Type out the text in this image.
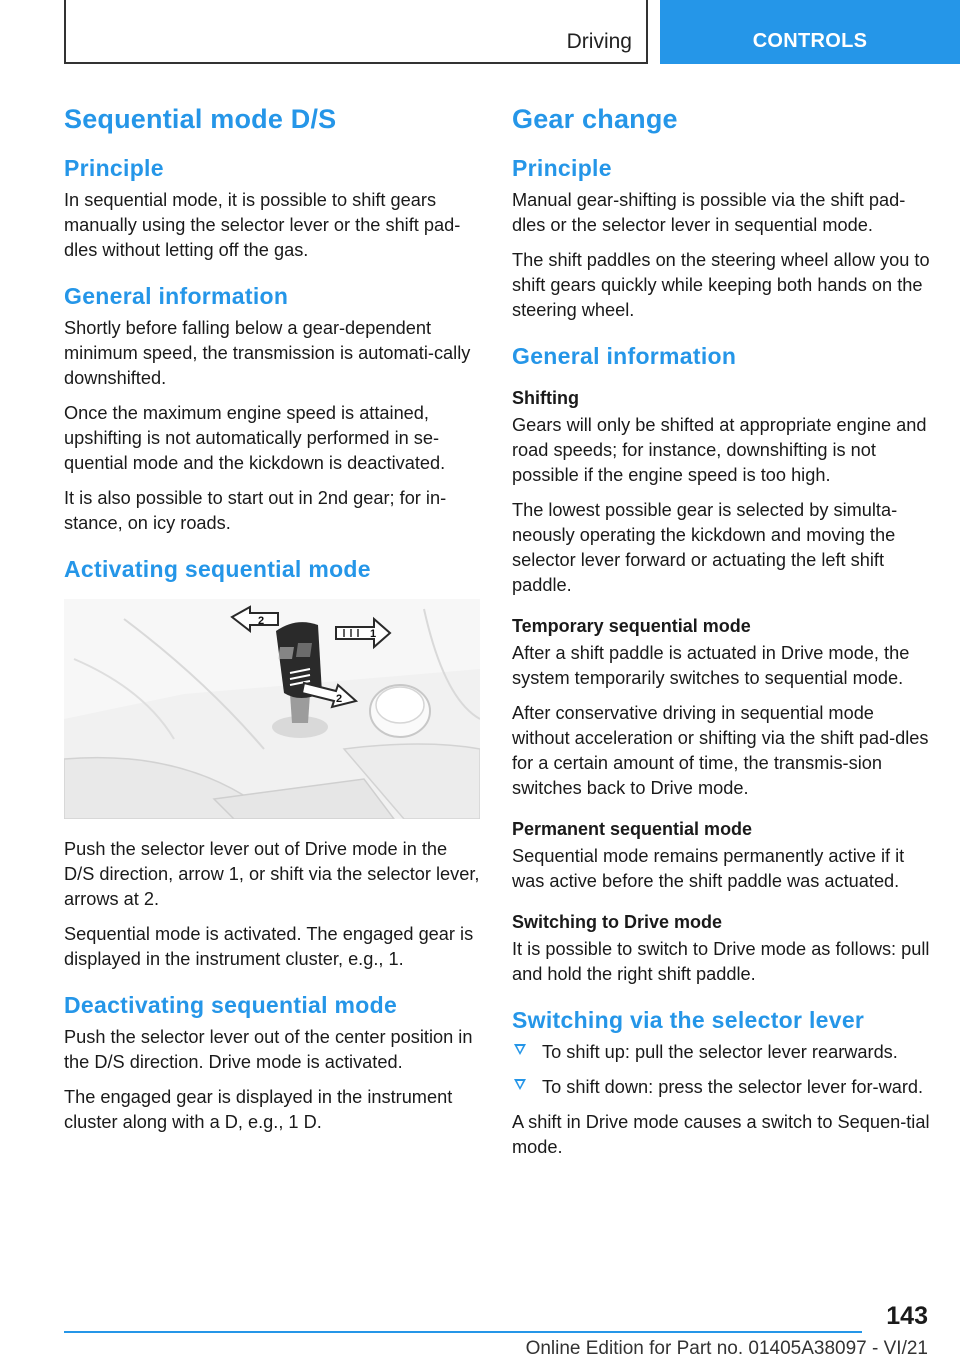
Driving	CONTROLS
Sequential mode D/S
Principle

In sequential mode, it is possible to shift gears manually using the selector lever or the shift pad-dles without letting off the gas.

General information

Shortly before falling below a gear-dependent minimum speed, the transmission is automati-cally downshifted.

Once the maximum engine speed is attained, upshifting is not automatically performed in se-quential mode and the kickdown is deactivated.

It is also possible to start out in 2nd gear; for in-stance, on icy roads.

Activating sequential mode
2
1
2

Push the selector lever out of Drive mode in the D/S direction, arrow 1, or shift via the selector lever, arrows at 2.

Sequential mode is activated. The engaged gear is displayed in the instrument cluster, e.g., 1.

Deactivating sequential mode

Push the selector lever out of the center position in the D/S direction. Drive mode is activated.

The engaged gear is displayed in the instrument cluster along with a D, e.g., 1 D.

Gear change
Principle

Manual gear-shifting is possible via the shift pad-dles or the selector lever in sequential mode.

The shift paddles on the steering wheel allow you to shift gears quickly while keeping both hands on the steering wheel.

General information
Shifting

Gears will only be shifted at appropriate engine and road speeds; for instance, downshifting is not possible if the engine speed is too high.

The lowest possible gear is selected by simulta-neously operating the kickdown and moving the selector lever forward or actuating the left shift paddle.

Temporary sequential mode

After a shift paddle is actuated in Drive mode, the system temporarily switches to sequential mode.

After conservative driving in sequential mode without acceleration or shifting via the shift pad-dles for a certain amount of time, the transmis-sion switches back to Drive mode.

Permanent sequential mode

Sequential mode remains permanently active if it was active before the shift paddle was actuated.

Switching to Drive mode

It is possible to switch to Drive mode as follows: pull and hold the right shift paddle.

Switching via the selector lever
To shift up: pull the selector lever rearwards.
To shift down: press the selector lever for-ward.

A shift in Drive mode causes a switch to Sequen-tial mode.

143
Online Edition for Part no. 01405A38097 - VI/21
